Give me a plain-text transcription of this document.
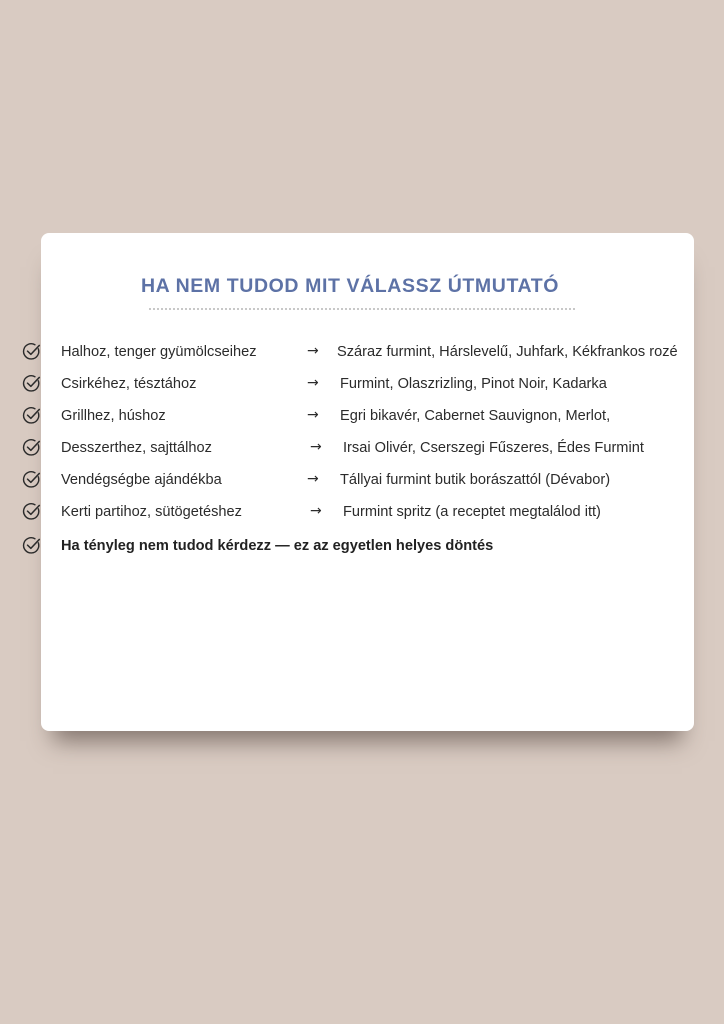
HA NEM TUDOD MIT VÁLASSZ ÚTMUTATÓ
Halhoz, tenger gyümölcseihez	→ Száraz furmint, Hárslevelű, Juhfark, Kékfrankos rozé
Csirkéhez, tésztához	→ Furmint, Olaszrizling, Pinot Noir, Kadarka
Grillhez, húshoz	→ Egri bikavér, Cabernet Sauvignon, Merlot,
Desszerthez, sajttálhoz	→ Irsai Olivér, Cserszegi Fűszeres, Édes Furmint
Vendégségbe ajándékba	→ Tállyai furmint butik borászattól (Dévabor)
Kerti partihoz, sütögetéshez	→ Furmint spritz (a receptet megtalálod itt)
Ha tényleg nem tudod kérdezz — ez az egyetlen helyes döntés
